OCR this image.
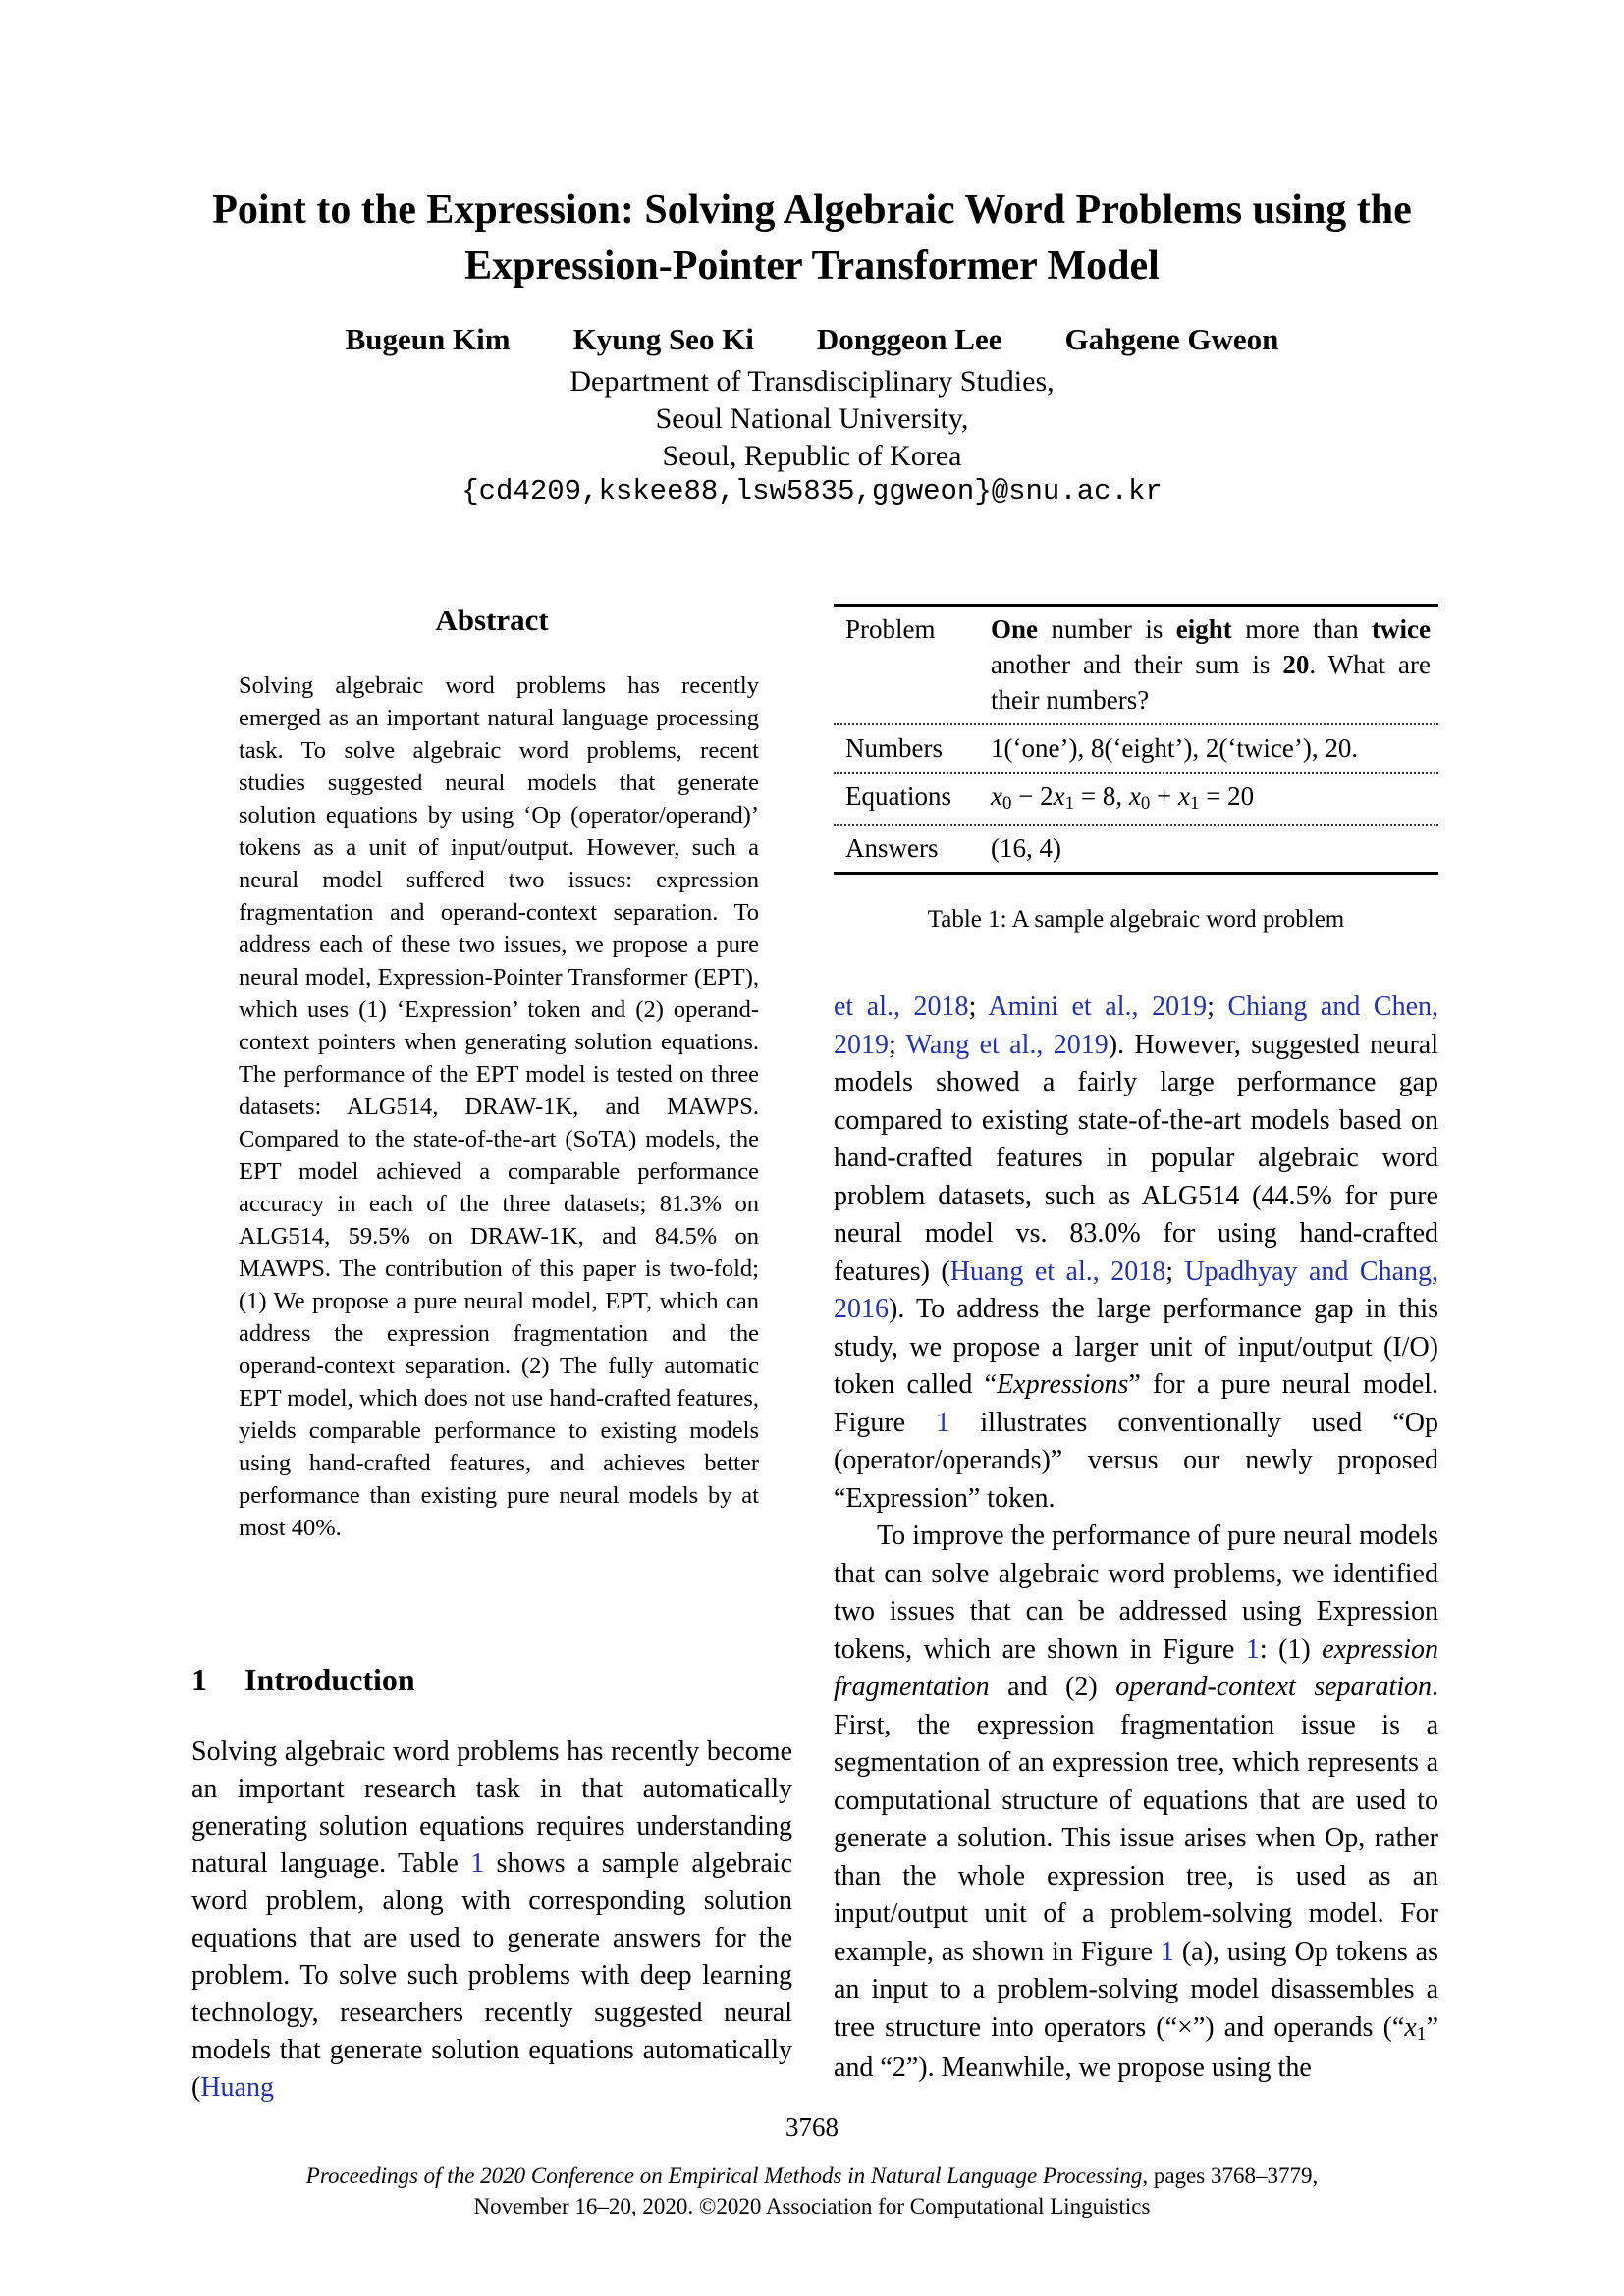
Point to the Expression: Solving Algebraic Word Problems using the
Expression-Pointer Transformer Model
Bugeun Kim Kyung Seo Ki Donggeon Lee Gahgene Gweon
Department of Transdisciplinary Studies,
Seoul National University,
Seoul, Republic of Korea
{cd4209,kskee88,lsw5835,ggweon}@snu.ac.kr
Abstract
Solving algebraic word problems has recently emerged as an important natural language processing task. To solve algebraic word problems, recent studies suggested neural models that generate solution equations by using ‘Op (operator/operand)’ tokens as a unit of input/output. However, such a neural model suffered two issues: expression fragmentation and operand-context separation. To address each of these two issues, we propose a pure neural model, Expression-Pointer Transformer (EPT), which uses (1) ‘Expression’ token and (2) operand-context pointers when generating solution equations. The performance of the EPT model is tested on three datasets: ALG514, DRAW-1K, and MAWPS. Compared to the state-of-the-art (SoTA) models, the EPT model achieved a comparable performance accuracy in each of the three datasets; 81.3% on ALG514, 59.5% on DRAW-1K, and 84.5% on MAWPS. The contribution of this paper is two-fold; (1) We propose a pure neural model, EPT, which can address the expression fragmentation and the operand-context separation. (2) The fully automatic EPT model, which does not use hand-crafted features, yields comparable performance to existing models using hand-crafted features, and achieves better performance than existing pure neural models by at most 40%.
1 Introduction
Solving algebraic word problems has recently become an important research task in that automatically generating solution equations requires understanding natural language. Table 1 shows a sample algebraic word problem, along with corresponding solution equations that are used to generate answers for the problem. To solve such problems with deep learning technology, researchers recently suggested neural models that generate solution equations automatically (Huang
Problem	One number is eight more than twice another and their sum is 20. What are their numbers?
Numbers	1(‘one’), 8(‘eight’), 2(‘twice’), 20.
Equations	x0 − 2x1 = 8, x0 + x1 = 20
Answers	(16, 4)
Table 1: A sample algebraic word problem
et al., 2018; Amini et al., 2019; Chiang and Chen, 2019; Wang et al., 2019). However, suggested neural models showed a fairly large performance gap compared to existing state-of-the-art models based on hand-crafted features in popular algebraic word problem datasets, such as ALG514 (44.5% for pure neural model vs. 83.0% for using hand-crafted features) (Huang et al., 2018; Upadhyay and Chang, 2016). To address the large performance gap in this study, we propose a larger unit of input/output (I/O) token called “Expressions” for a pure neural model. Figure 1 illustrates conventionally used “Op (operator/operands)” versus our newly proposed “Expression” token.
To improve the performance of pure neural models that can solve algebraic word problems, we identified two issues that can be addressed using Expression tokens, which are shown in Figure 1: (1) expression fragmentation and (2) operand-context separation. First, the expression fragmentation issue is a segmentation of an expression tree, which represents a computational structure of equations that are used to generate a solution. This issue arises when Op, rather than the whole expression tree, is used as an input/output unit of a problem-solving model. For example, as shown in Figure 1 (a), using Op tokens as an input to a problem-solving model disassembles a tree structure into operators (“×”) and operands (“x1” and “2”). Meanwhile, we propose using the
3768
Proceedings of the 2020 Conference on Empirical Methods in Natural Language Processing, pages 3768–3779,
November 16–20, 2020. ©2020 Association for Computational Linguistics
